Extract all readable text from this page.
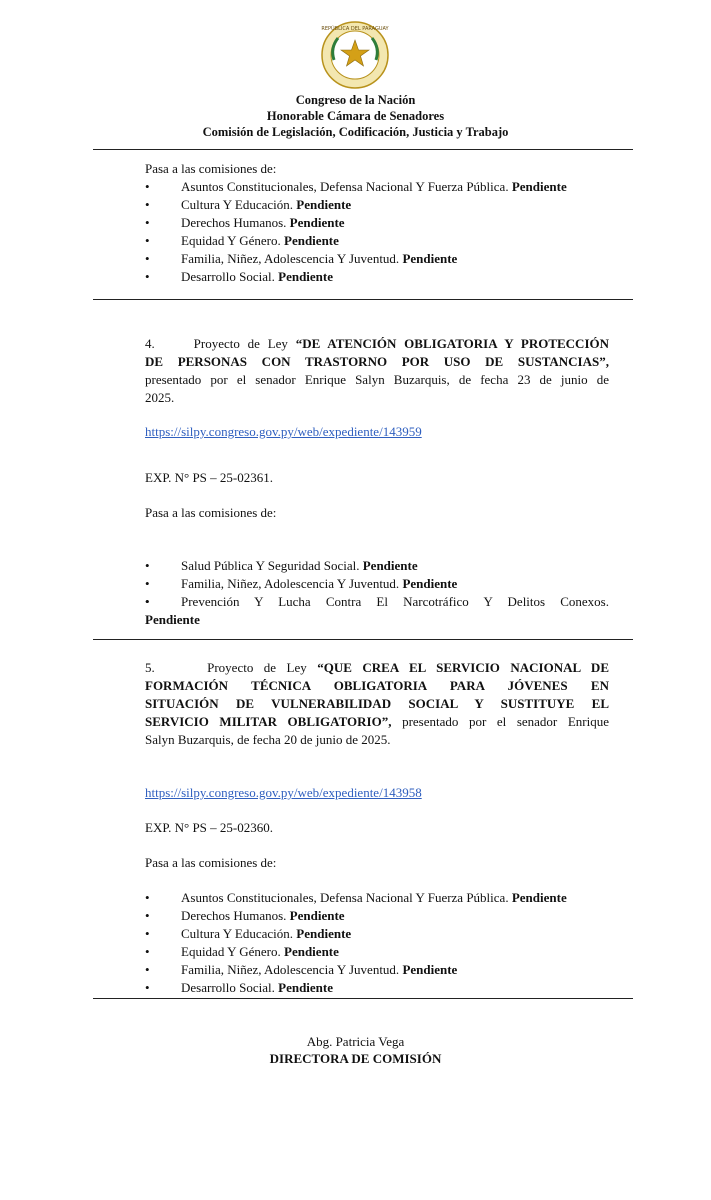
REPÚBLICA DEL PARAGUAY
Congreso de la Nación
Honorable Cámara de Senadores
Comisión de Legislación, Codificación, Justicia y Trabajo
Pasa a las comisiones de:
• Asuntos Constitucionales, Defensa Nacional Y Fuerza Pública. Pendiente
• Cultura Y Educación. Pendiente
• Derechos Humanos. Pendiente
• Equidad Y Género. Pendiente
• Familia, Niñez, Adolescencia Y Juventud. Pendiente
• Desarrollo Social. Pendiente
4.	Proyecto de Ley “DE ATENCIÓN OBLIGATORIA Y PROTECCIÓN
DE PERSONAS CON TRASTORNO POR USO DE SUSTANCIAS”,
presentado por el senador Enrique Salyn Buzarquis, de fecha 23 de junio de
2025.
https://silpy.congreso.gov.py/web/expediente/143959
EXP. N° PS – 25-02361.
Pasa a las comisiones de:
• Salud Pública Y Seguridad Social. Pendiente
• Familia, Niñez, Adolescencia Y Juventud. Pendiente
• • Prevención Y Lucha Contra El Narcotráfico Y Delitos Conexos.
Pendiente
5.	Proyecto de Ley “QUE CREA EL SERVICIO NACIONAL DE
FORMACIÓN TÉCNICA OBLIGATORIA PARA JÓVENES EN
SITUACIÓN DE VULNERABILIDAD SOCIAL Y SUSTITUYE EL
SERVICIO MILITAR OBLIGATORIO”, presentado por el senador Enrique
Salyn Buzarquis, de fecha 20 de junio de 2025.
https://silpy.congreso.gov.py/web/expediente/143958
EXP. N° PS – 25-02360.
Pasa a las comisiones de:
• Asuntos Constitucionales, Defensa Nacional Y Fuerza Pública. Pendiente
• Derechos Humanos. Pendiente
• Cultura Y Educación. Pendiente
• Equidad Y Género. Pendiente
• Familia, Niñez, Adolescencia Y Juventud. Pendiente
• Desarrollo Social. Pendiente
Abg. Patricia Vega
DIRECTORA DE COMISIÓN
